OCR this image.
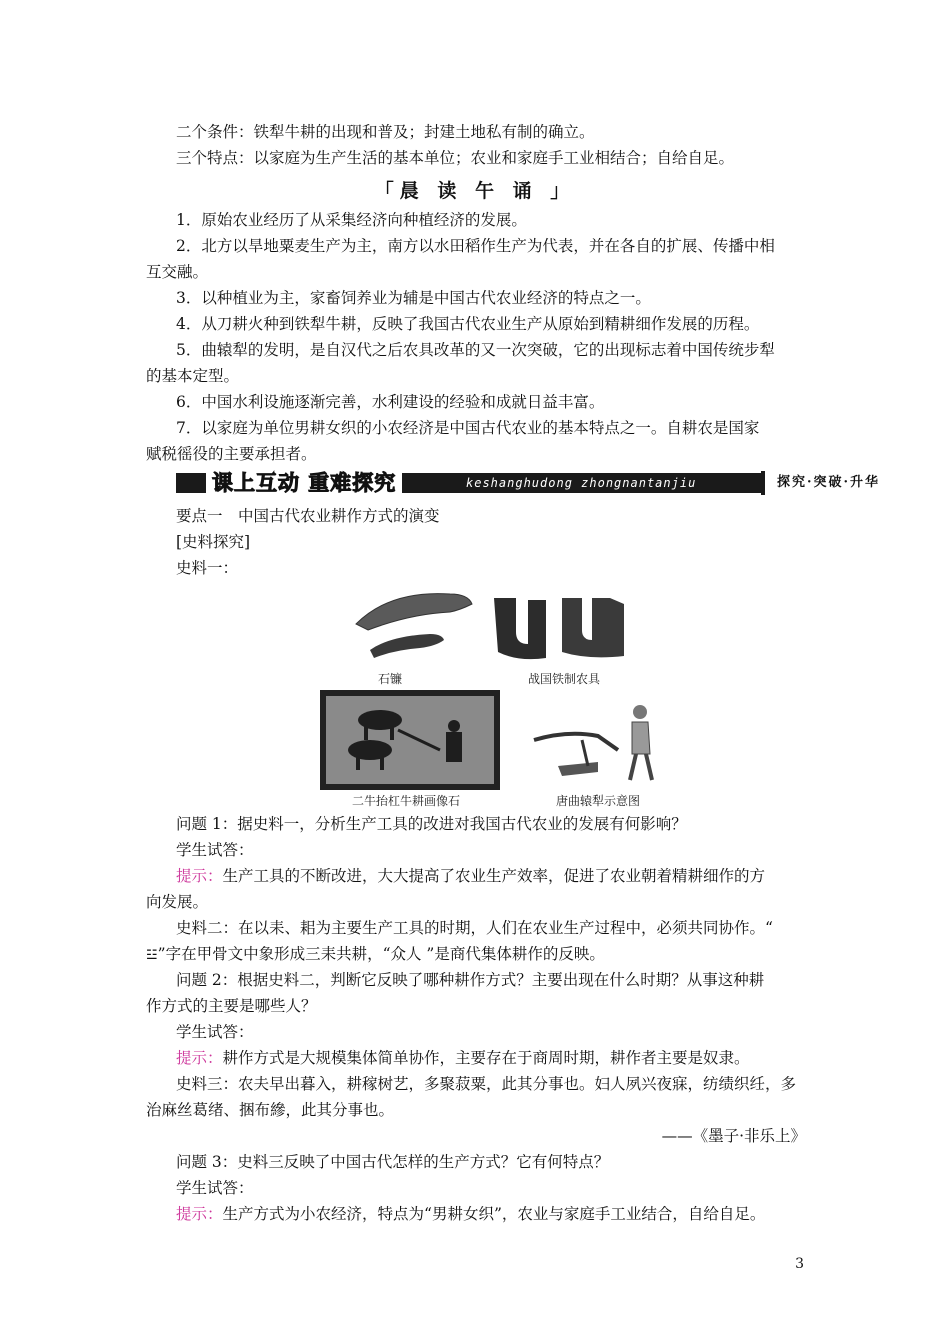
二个条件：铁犁牛耕的出现和普及；封建土地私有制的确立。
三个特点：以家庭为生产生活的基本单位；农业和家庭手工业相结合；自给自足。
「晨 读 午 诵 」
1．原始农业经历了从采集经济向种植经济的发展。
2．北方以旱地粟麦生产为主，南方以水田稻作生产为代表，并在各自的扩展、传播中相
互交融。
3．以种植业为主，家畜饲养业为辅是中国古代农业经济的特点之一。
4．从刀耕火种到铁犁牛耕，反映了我国古代农业生产从原始到精耕细作发展的历程。
5．曲辕犁的发明，是自汉代之后农具改革的又一次突破，它的出现标志着中国传统步犁
的基本定型。
6．中国水利设施逐渐完善，水利建设的经验和成就日益丰富。
7．以家庭为单位男耕女织的小农经济是中国古代农业的基本特点之一。自耕农是国家
赋税徭役的主要承担者。
课上互动 重难探究	keshanghudong zhongnantanjiu	探究·突破·升华
要点一　中国古代农业耕作方式的演变
[史料探究]
史料一：
石镰	战国铁制农具
二牛抬杠牛耕画像石	唐曲辕犁示意图
问题 1：据史料一，分析生产工具的改进对我国古代农业的发展有何影响？
学生试答：
提示：生产工具的不断改进，大大提高了农业生产效率，促进了农业朝着精耕细作的方
向发展。
史料二：在以耒、耜为主要生产工具的时期，人们在农业生产过程中，必须共同协作。“
☳”字在甲骨文中象形成三耒共耕，“众人 ”是商代集体耕作的反映。
问题 2：根据史料二，判断它反映了哪种耕作方式？主要出现在什么时期？从事这种耕
作方式的主要是哪些人？
学生试答：
提示：耕作方式是大规模集体简单协作，主要存在于商周时期，耕作者主要是奴隶。
史料三：农夫早出暮入，耕稼树艺，多聚菽粟，此其分事也。妇人夙兴夜寐，纺绩织纴，多
治麻丝葛绪、捆布縿，此其分事也。
——《墨子·非乐上》
问题 3：史料三反映了中国古代怎样的生产方式？它有何特点？
学生试答：
提示：生产方式为小农经济，特点为“男耕女织”，农业与家庭手工业结合，自给自足。
3
